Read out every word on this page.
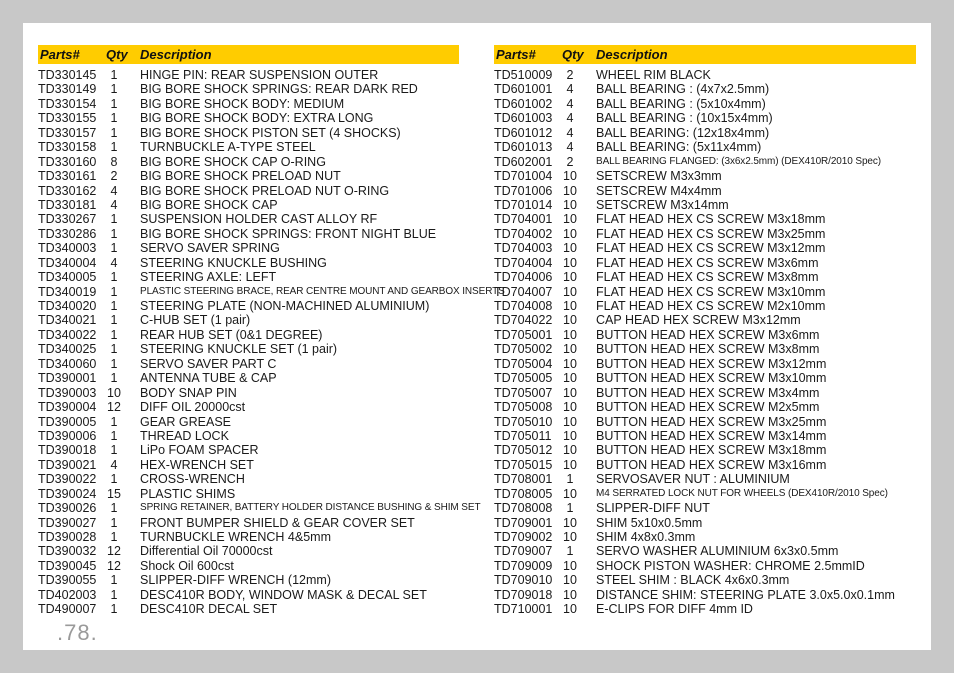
Parts# Qty Description
TD330145	1	HINGE PIN: REAR SUSPENSION OUTER
TD330149	1	BIG BORE SHOCK SPRINGS: REAR DARK RED
TD330154	1	BIG BORE SHOCK BODY: MEDIUM
TD330155	1	BIG BORE SHOCK BODY: EXTRA LONG
TD330157	1	BIG BORE SHOCK PISTON SET (4 SHOCKS)
TD330158	1	TURNBUCKLE A-TYPE STEEL
TD330160	8	BIG BORE SHOCK CAP O-RING
TD330161	2	BIG BORE SHOCK PRELOAD NUT
TD330162	4	BIG BORE SHOCK PRELOAD NUT O-RING
TD330181	4	BIG BORE SHOCK CAP
TD330267	1	SUSPENSION HOLDER CAST ALLOY RF
TD330286	1	BIG BORE SHOCK SPRINGS: FRONT NIGHT BLUE
TD340003	1	SERVO SAVER SPRING
TD340004	4	STEERING KNUCKLE BUSHING
TD340005	1	STEERING AXLE: LEFT
TD340019	1	PLASTIC STEERING BRACE, REAR CENTRE MOUNT AND GEARBOX INSERTS
TD340020	1	STEERING PLATE (NON-MACHINED ALUMINIUM)
TD340021	1	C-HUB SET (1 pair)
TD340022	1	REAR HUB SET (0&1 DEGREE)
TD340025	1	STEERING KNUCKLE SET (1 pair)
TD340060	1	SERVO SAVER PART C
TD390001	1	ANTENNA TUBE & CAP
TD390003 10	BODY SNAP PIN
TD390004 12	DIFF OIL 20000cst
TD390005	1	GEAR GREASE
TD390006	1	THREAD LOCK
TD390018	1	LiPo FOAM SPACER
TD390021	4	HEX-WRENCH SET
TD390022	1	CROSS-WRENCH
TD390024 15	PLASTIC SHIMS
TD390026	1	SPRING RETAINER, BATTERY HOLDER DISTANCE BUSHING & SHIM SET
TD390027	1	FRONT BUMPER SHIELD & GEAR COVER SET
TD390028	1	TURNBUCKLE WRENCH 4&5mm
TD390032 12	Differential Oil 70000cst
TD390045 12	Shock Oil 600cst
TD390055	1	SLIPPER-DIFF WRENCH (12mm)
TD402003	1	DESC410R BODY, WINDOW MASK & DECAL SET
TD490007	1	DESC410R DECAL SET
Parts# Qty Description
TD510009	2	WHEEL RIM BLACK
TD601001	4	BALL BEARING : (4x7x2.5mm)
TD601002	4	BALL BEARING : (5x10x4mm)
TD601003	4	BALL BEARING : (10x15x4mm)
TD601012	4	BALL BEARING: (12x18x4mm)
TD601013	4	BALL BEARING: (5x11x4mm)
TD602001	2	BALL BEARING FLANGED: (3x6x2.5mm) (DEX410R/2010 Spec)
TD701004 10	SETSCREW M3x3mm
TD701006 10	SETSCREW M4x4mm
TD701014 10	SETSCREW M3x14mm
TD704001 10	FLAT HEAD HEX CS SCREW M3x18mm
TD704002 10	FLAT HEAD HEX CS SCREW M3x25mm
TD704003 10	FLAT HEAD HEX CS SCREW M3x12mm
TD704004 10	FLAT HEAD HEX CS SCREW M3x6mm
TD704006 10	FLAT HEAD HEX CS SCREW M3x8mm
TD704007 10	FLAT HEAD HEX CS SCREW M3x10mm
TD704008 10	FLAT HEAD HEX CS SCREW M2x10mm
TD704022 10	CAP HEAD HEX SCREW M3x12mm
TD705001 10	BUTTON HEAD HEX SCREW M3x6mm
TD705002 10	BUTTON HEAD HEX SCREW M3x8mm
TD705004 10	BUTTON HEAD HEX SCREW M3x12mm
TD705005 10	BUTTON HEAD HEX SCREW M3x10mm
TD705007 10	BUTTON HEAD HEX SCREW M3x4mm
TD705008 10	BUTTON HEAD HEX SCREW M2x5mm
TD705010 10	BUTTON HEAD HEX SCREW M3x25mm
TD705011 10	BUTTON HEAD HEX SCREW M3x14mm
TD705012 10	BUTTON HEAD HEX SCREW M3x18mm
TD705015 10	BUTTON HEAD HEX SCREW M3x16mm
TD708001	1	SERVOSAVER NUT : ALUMINIUM
TD708005 10	M4 SERRATED LOCK NUT FOR WHEELS (DEX410R/2010 Spec)
TD708008	1	SLIPPER-DIFF NUT
TD709001 10	SHIM 5x10x0.5mm
TD709002 10	SHIM 4x8x0.3mm
TD709007	1	SERVO WASHER ALUMINIUM 6x3x0.5mm
TD709009 10	SHOCK PISTON WASHER: CHROME 2.5mmID
TD709010 10	STEEL SHIM : BLACK 4x6x0.3mm
TD709018 10	DISTANCE SHIM: STEERING PLATE 3.0x5.0x0.1mm
TD710001 10	E-CLIPS FOR DIFF 4mm ID
.78.
